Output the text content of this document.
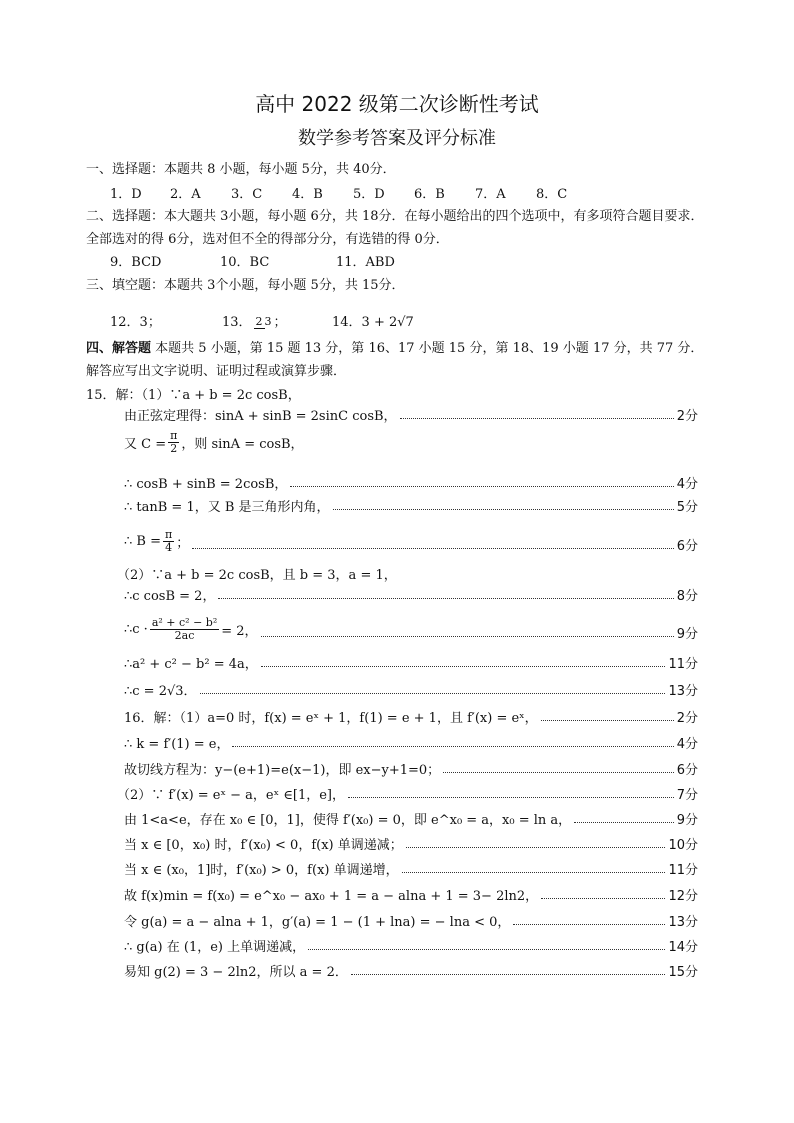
高中 2022 级第二次诊断性考试
数学参考答案及评分标准
一、选择题：本题共 8 小题，每小题 5分，共 40分．
1．D 2．A 3．C 4．B 5．D 6．B 7．A 8．C
二、选择题：本大题共 3小题，每小题 6分，共 18分．在每小题给出的四个选项中，有多项符合题目要求．全部选对的得 6分，选对但不全的得部分分，有选错的得 0分．
9．BCD	10．BC	11．ABD
三、填空题：本题共 3个小题，每小题 5分，共 15分．
12．3；	13． 2 3 ；	14．3 + 2√7
四、解答题 本题共 5 小题，第 15 题 13 分，第 16、17 小题 15 分，第 18、19 小题 17 分，共 77 分．解答应写出文字说明、证明过程或演算步骤．
15．解：（1）∵a + b = 2c cosB，
由正弦定理得：sinA + sinB = 2sinC cosB，	2分
又 $C = \frac{\pi}{2}$ ，则 sinA = cosB，
∴ cosB + sinB = 2cosB，	4分
∴ tanB = 1，又 B 是三角形内角，	5分
∴ $B = \frac{\pi}{4}$ ；	6分
（2）∵a + b = 2c cosB，且 b = 3，a = 1，
∴c cosB = 2，	8分
∴c · $\frac{\text{a² + c² − b²}}{2ac} = 2$，	9分
∴a² + c² − b² = 4a，	11分
∴c = 2√3．	13分
16．解：（1）a=0 时，f(x) = eˣ + 1，f(1) = e + 1，且 f′(x) = eˣ，	2分
∴ k = f′(1) = e，	4分
故切线方程为：y−(e+1)=e(x−1)，即 ex−y+1=0；	6分
（2）∵ f′(x) = eˣ − a，eˣ ∈[1，e]，	7分
由 1<a<e，存在 x₀ ∈ [0，1]，使得 f′(x₀) = 0，即 e^x₀ = a，x₀ = ln a，	9分
当 x ∈ [0，x₀) 时，f′(x₀) < 0，f(x) 单调递减；	10分
当 x ∈ (x₀，1]时，f′(x₀) > 0，f(x) 单调递增，	11分
故 f(x)min = f(x₀) = e^x₀ − ax₀ + 1 = a − alna + 1 = 3− 2ln2，	12分
令 g(a) = a − alna + 1，g′(a) = 1 − (1 + lna) = − lna < 0，	13分
∴ g(a) 在 (1，e) 上单调递减，	14分
易知 g(2) = 3 − 2ln2，所以 a = 2．	15分
